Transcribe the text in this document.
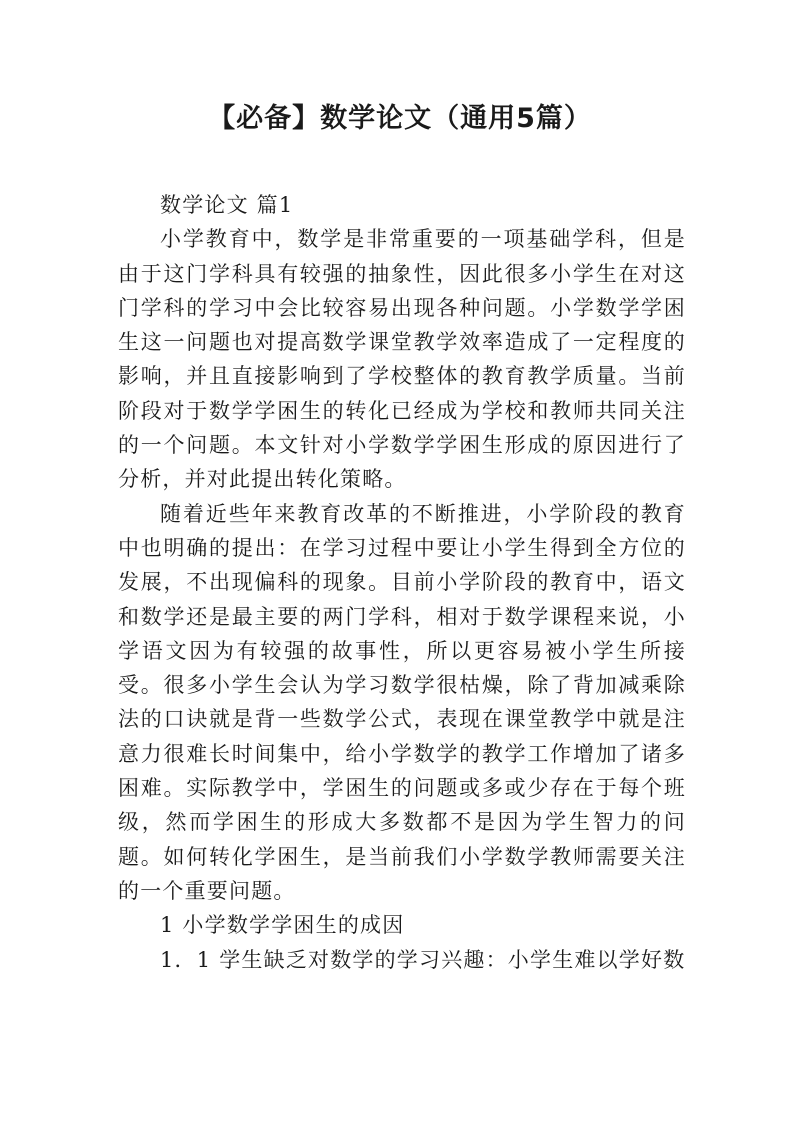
【必备】数学论文（通用5篇）

数学论文 篇1

小学教育中，数学是非常重要的一项基础学科，但是由于这门学科具有较强的抽象性，因此很多小学生在对这门学科的学习中会比较容易出现各种问题。小学数学学困生这一问题也对提高数学课堂教学效率造成了一定程度的影响，并且直接影响到了学校整体的教育教学质量。当前阶段对于数学学困生的转化已经成为学校和教师共同关注的一个问题。本文针对小学数学学困生形成的原因进行了分析，并对此提出转化策略。

随着近些年来教育改革的不断推进，小学阶段的教育中也明确的提出：在学习过程中要让小学生得到全方位的发展，不出现偏科的现象。目前小学阶段的教育中，语文和数学还是最主要的两门学科，相对于数学课程来说，小学语文因为有较强的故事性，所以更容易被小学生所接受。很多小学生会认为学习数学很枯燥，除了背加减乘除法的口诀就是背一些数学公式，表现在课堂教学中就是注意力很难长时间集中，给小学数学的教学工作增加了诸多困难。实际教学中，学困生的问题或多或少存在于每个班级，然而学困生的形成大多数都不是因为学生智力的问题。如何转化学困生，是当前我们小学数学教师需要关注的一个重要问题。

1 小学数学学困生的成因

1．1 学生缺乏对数学的学习兴趣：小学生难以学好数
